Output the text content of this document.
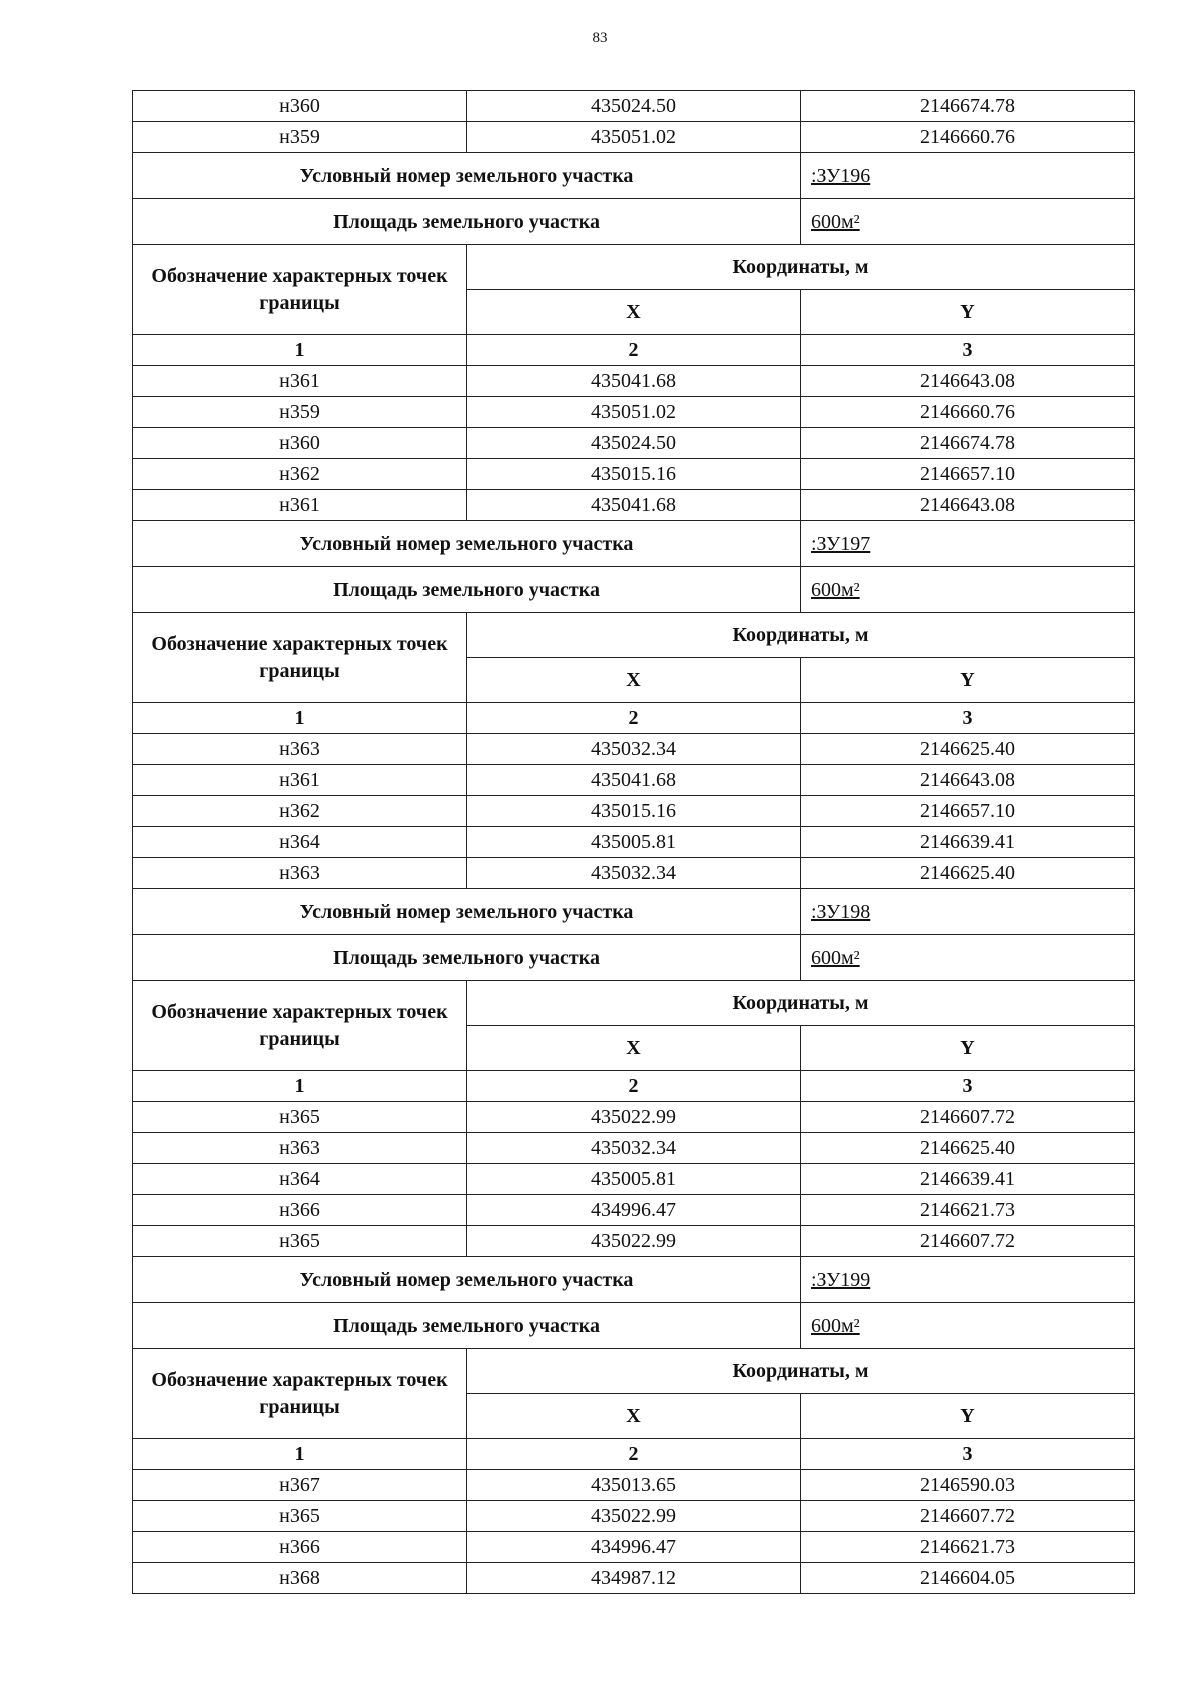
83
н360	435024.50	2146674.78
н359	435051.02	2146660.76
Условный номер земельного участка		:ЗУ196
Площадь земельного участка		600м²
Обозначение характерных точек границы	Координаты, м	
	X	Y
1	2	3
н361	435041.68	2146643.08
н359	435051.02	2146660.76
н360	435024.50	2146674.78
н362	435015.16	2146657.10
н361	435041.68	2146643.08
Условный номер земельного участка		:ЗУ197
Площадь земельного участка		600м²
Обозначение характерных точек границы	Координаты, м	
	X	Y
1	2	3
н363	435032.34	2146625.40
н361	435041.68	2146643.08
н362	435015.16	2146657.10
н364	435005.81	2146639.41
н363	435032.34	2146625.40
Условный номер земельного участка		:ЗУ198
Площадь земельного участка		600м²
Обозначение характерных точек границы	Координаты, м	
	X	Y
1	2	3
н365	435022.99	2146607.72
н363	435032.34	2146625.40
н364	435005.81	2146639.41
н366	434996.47	2146621.73
н365	435022.99	2146607.72
Условный номер земельного участка		:ЗУ199
Площадь земельного участка		600м²
Обозначение характерных точек границы	Координаты, м	
	X	Y
1	2	3
н367	435013.65	2146590.03
н365	435022.99	2146607.72
н366	434996.47	2146621.73
н368	434987.12	2146604.05
